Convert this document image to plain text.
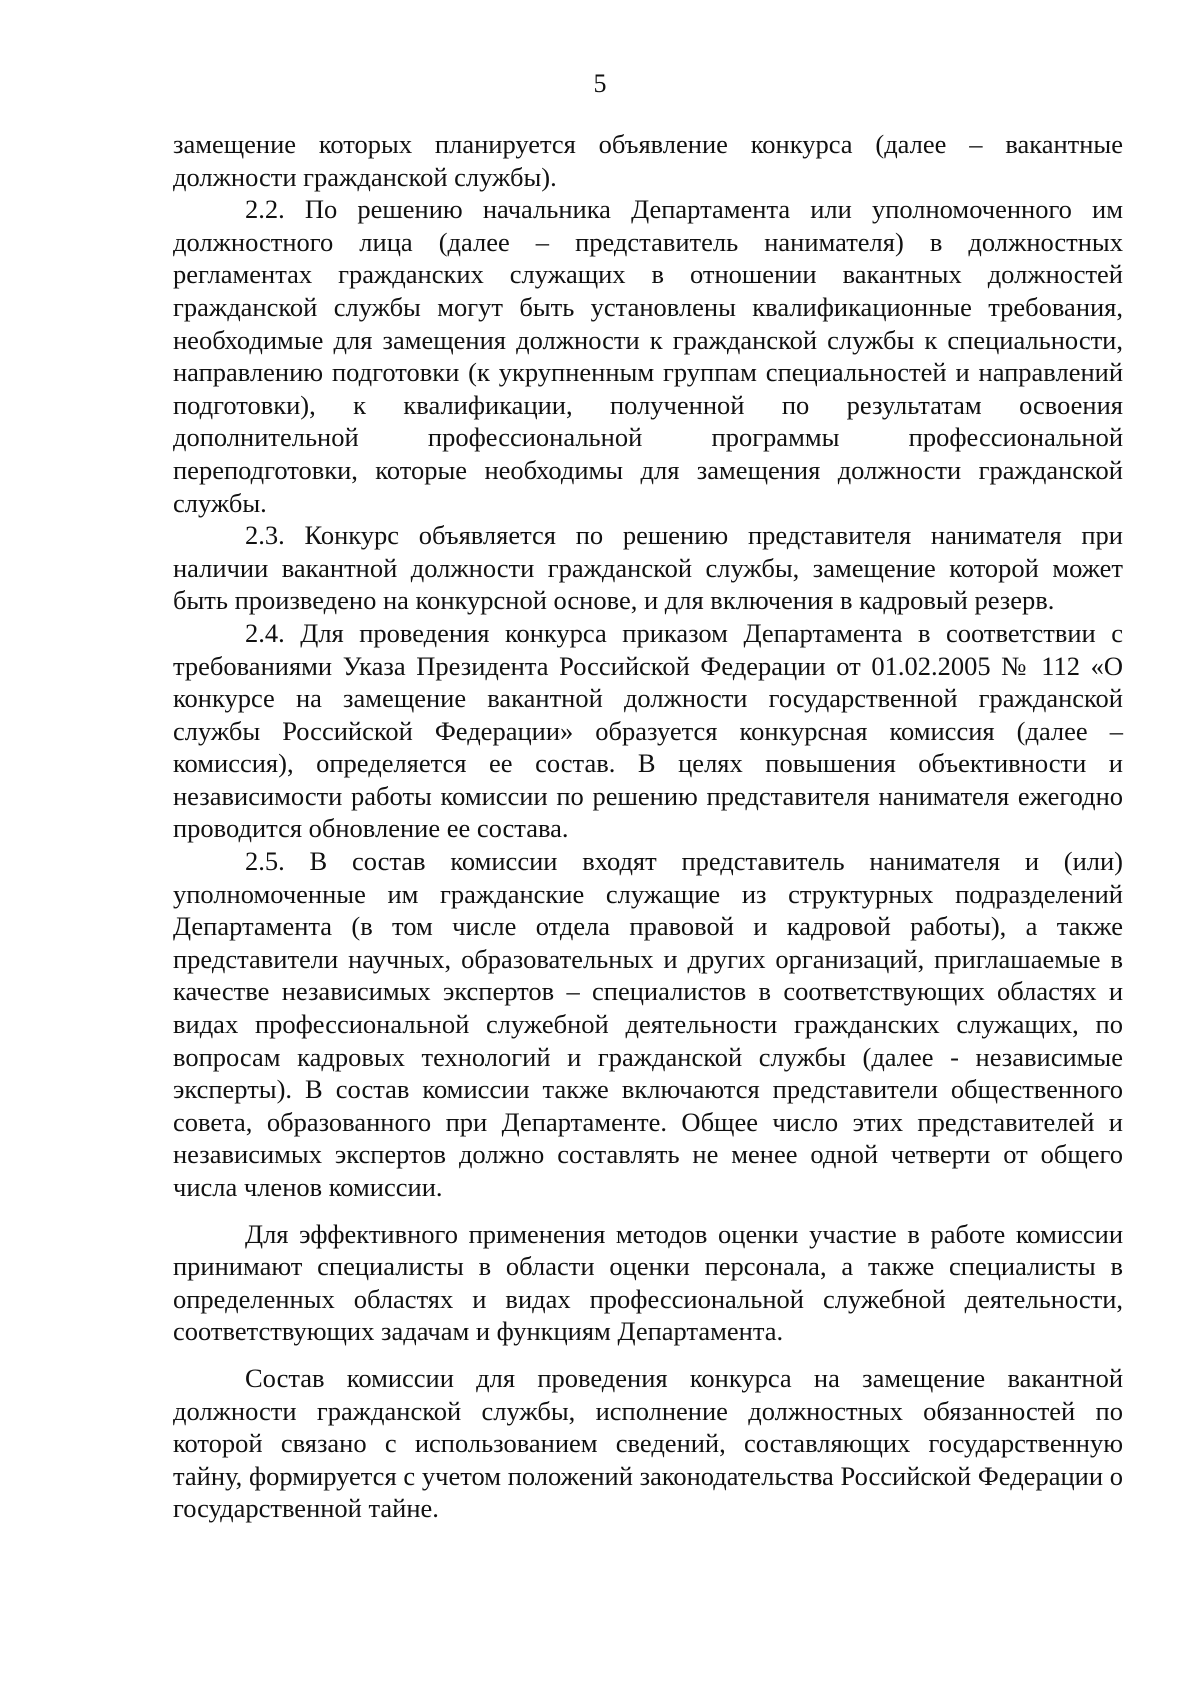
5

замещение которых планируется объявление конкурса (далее – вакантные должности гражданской службы).

2.2. По решению начальника Департамента или уполномоченного им должностного лица (далее – представитель нанимателя) в должностных регламентах гражданских служащих в отношении вакантных должностей гражданской службы могут быть установлены квалификационные требования, необходимые для замещения должности к гражданской службы к специальности, направлению подготовки (к укрупненным группам специальностей и направлений подготовки), к квалификации, полученной по результатам освоения дополнительной профессиональной программы профессиональной переподготовки, которые необходимы для замещения должности гражданской службы.

2.3. Конкурс объявляется по решению представителя нанимателя при наличии вакантной должности гражданской службы, замещение которой может быть произведено на конкурсной основе, и для включения в кадровый резерв.

2.4. Для проведения конкурса приказом Департамента в соответствии с требованиями Указа Президента Российской Федерации от 01.02.2005 № 112 «О конкурсе на замещение вакантной должности государственной гражданской службы Российской Федерации» образуется конкурсная комиссия (далее – комиссия), определяется ее состав. В целях повышения объективности и независимости работы комиссии по решению представителя нанимателя ежегодно проводится обновление ее состава.

2.5. В состав комиссии входят представитель нанимателя и (или) уполномоченные им гражданские служащие из структурных подразделений Департамента (в том числе отдела правовой и кадровой работы), а также представители научных, образовательных и других организаций, приглашаемые в качестве независимых экспертов – специалистов в соответствующих областях и видах профессиональной служебной деятельности гражданских служащих, по вопросам кадровых технологий и гражданской службы (далее - независимые эксперты). В состав комиссии также включаются представители общественного совета, образованного при Департаменте. Общее число этих представителей и независимых экспертов должно составлять не менее одной четверти от общего числа членов комиссии.

Для эффективного применения методов оценки участие в работе комиссии принимают специалисты в области оценки персонала, а также специалисты в определенных областях и видах профессиональной служебной деятельности, соответствующих задачам и функциям Департамента.

Состав комиссии для проведения конкурса на замещение вакантной должности гражданской службы, исполнение должностных обязанностей по которой связано с использованием сведений, составляющих государственную тайну, формируется с учетом положений законодательства Российской Федерации о государственной тайне.
